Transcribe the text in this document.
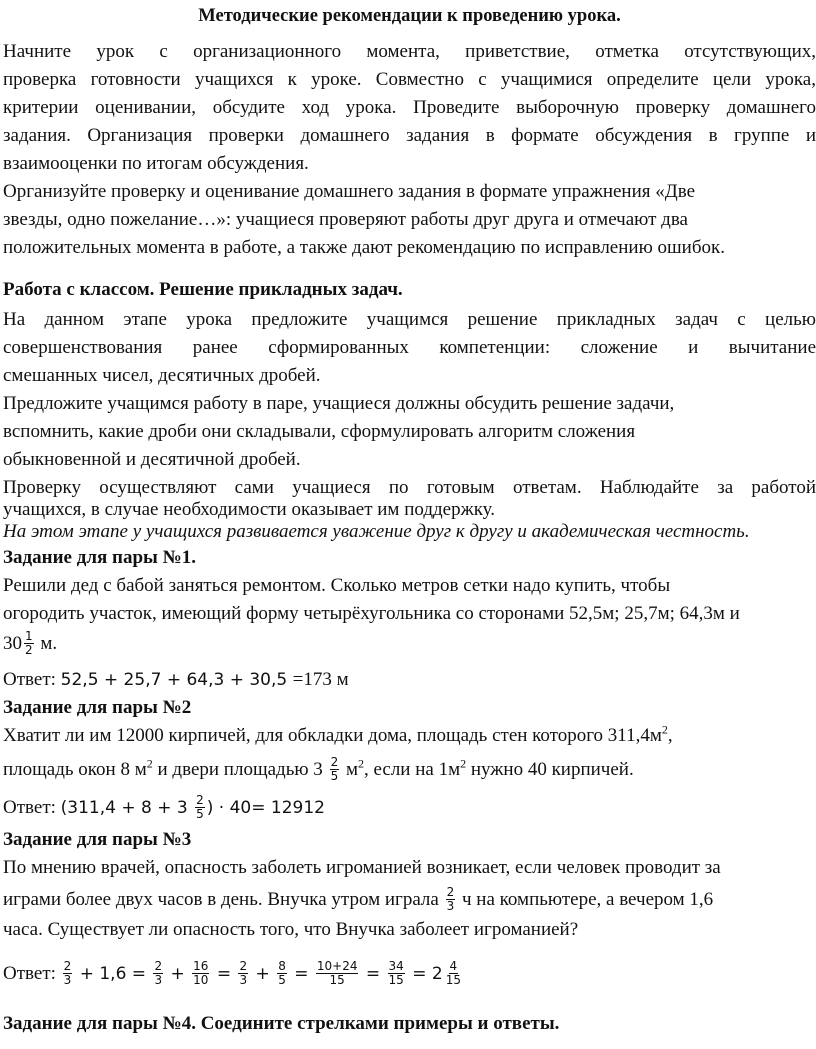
Методические рекомендации к проведению урока.
Начните урок с организационного момента, приветствие, отметка отсутствующих,
проверка готовности учащихся к уроке. Совместно с учащимися определите цели урока,
критерии оценивании, обсудите ход урока. Проведите выборочную проверку домашнего
задания. Организация проверки домашнего задания в формате обсуждения в группе и
взаимооценки по итогам обсуждения.
Организуйте проверку и оценивание домашнего задания в формате упражнения «Две
звезды, одно пожелание…»: учащиеся проверяют работы друг друга и отмечают два
положительных момента в работе, а также дают рекомендацию по исправлению ошибок.
Работа с классом. Решение прикладных задач.
На данном этапе урока предложите учащимся решение прикладных задач с целью
совершенствования ранее сформированных компетенции: сложение и вычитание
смешанных чисел, десятичных дробей.
Предложите учащимся работу в паре, учащиеся должны обсудить решение задачи,
вспомнить, какие дроби они складывали, сформулировать алгоритм сложения
обыкновенной и десятичной дробей.
Проверку осуществляют сами учащиеся по готовым ответам. Наблюдайте за работой
учащихся, в случае необходимости оказывает им поддержку.
На этом этапе у учащихся развивается уважение друг к другу и академическая честность.
Задание для пары №1.
Решили дед с бабой заняться ремонтом. Сколько метров сетки надо купить, чтобы
огородить участок, имеющий форму четырёхугольника со сторонами 52,5м; 25,7м; 64,3м и
$30 \frac{1}{2} м$.
Ответ: 52,5 + 25,7 + 64,3 + 30,5 =173 м
Задание для пары №2
Хватит ли им 12000 кирпичей, для обкладки дома, площадь стен которого $311,4м^2$,
площадь окон 8 $м^2$ и двери площадью $3 \frac{2}{5} м^2$, если на $1м^2$ нужно 40 кирпичей.
Ответ: ($311,4 + 8 + 3 \frac{2}{5}$ ) · 40= 12912
Задание для пары №3
По мнению врачей, опасность заболеть игроманией возникает, если человек проводит за
играми более двух часов в день. Внучка утром играла $\frac{2}{3}$ ч на компьютере, а вечером 1,6
часа. Существует ли опасность того, что Внучка заболеет игроманией?
Ответ: $\frac{2}{3} + 1,6 = \frac{2}{3} + \frac{16}{10} = \frac{2}{3} + \frac{8}{5} = \frac{10+24}{15} = \frac{34}{15} = 2 \frac{4}{15}$
Задание для пары №4. Соедините стрелками примеры и ответы.
